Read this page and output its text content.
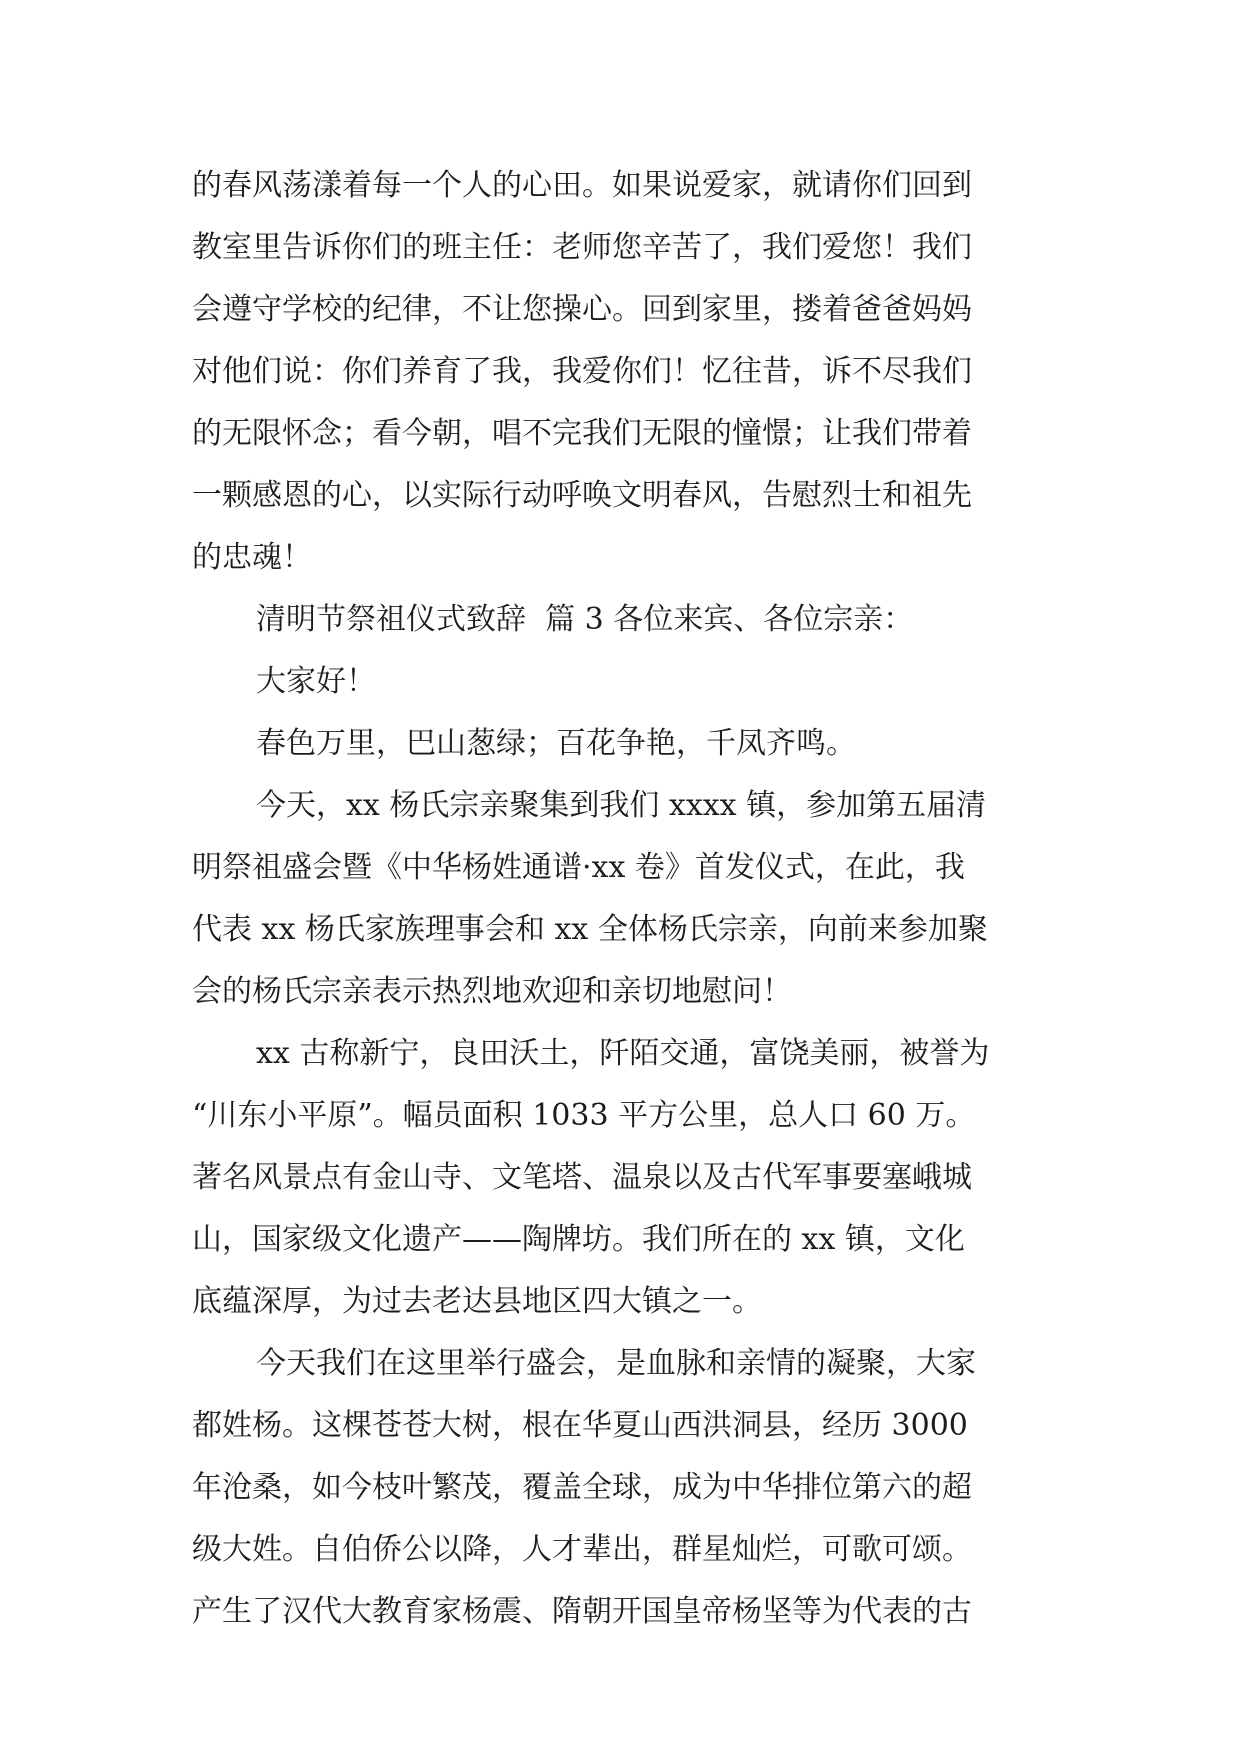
的春风荡漾着每一个人的心田。如果说爱家，就请你们回到

教室里告诉你们的班主任：老师您辛苦了，我们爱您！我们

会遵守学校的纪律，不让您操心。回到家里，搂着爸爸妈妈

对他们说：你们养育了我，我爱你们！忆往昔，诉不尽我们

的无限怀念；看今朝，唱不完我们无限的憧憬；让我们带着

一颗感恩的心，以实际行动呼唤文明春风，告慰烈士和祖先

的忠魂！

清明节祭祖仪式致辞  篇 3 各位来宾、各位宗亲：

大家好！

春色万里，巴山葱绿；百花争艳，千凤齐鸣。

今天，xx 杨氏宗亲聚集到我们 xxxx 镇，参加第五届清

明祭祖盛会暨《中华杨姓通谱·xx 卷》首发仪式，在此，我

代表 xx 杨氏家族理事会和 xx 全体杨氏宗亲，向前来参加聚

会的杨氏宗亲表示热烈地欢迎和亲切地慰问！

xx 古称新宁，良田沃土，阡陌交通，富饶美丽，被誉为

“川东小平原”。幅员面积 1033 平方公里，总人口 60 万。

著名风景点有金山寺、文笔塔、温泉以及古代军事要塞峨城

山，国家级文化遗产——陶牌坊。我们所在的 xx 镇，文化

底蕴深厚，为过去老达县地区四大镇之一。

今天我们在这里举行盛会，是血脉和亲情的凝聚，大家

都姓杨。这棵苍苍大树，根在华夏山西洪洞县，经历 3000

年沧桑，如今枝叶繁茂，覆盖全球，成为中华排位第六的超

级大姓。自伯侨公以降，人才辈出，群星灿烂，可歌可颂。

产生了汉代大教育家杨震、隋朝开国皇帝杨坚等为代表的古
